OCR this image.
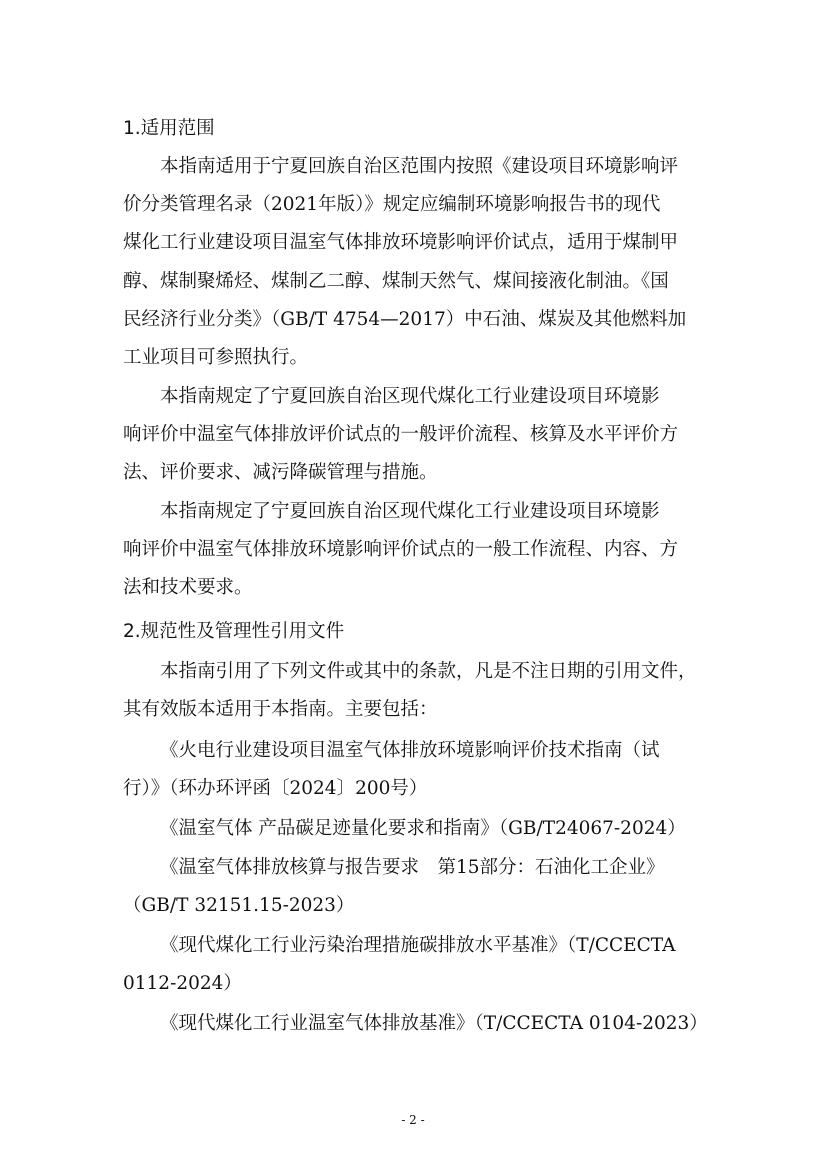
1.适用范围
本指南适用于宁夏回族自治区范围内按照《建设项目环境影响评
价分类管理名录（2021年版）》规定应编制环境影响报告书的现代
煤化工行业建设项目温室气体排放环境影响评价试点，适用于煤制甲
醇、煤制聚烯烃、煤制乙二醇、煤制天然气、煤间接液化制油。《国
民经济行业分类》（GB/T 4754—2017）中石油、煤炭及其他燃料加
工业项目可参照执行。
本指南规定了宁夏回族自治区现代煤化工行业建设项目环境影
响评价中温室气体排放评价试点的一般评价流程、核算及水平评价方
法、评价要求、减污降碳管理与措施。
本指南规定了宁夏回族自治区现代煤化工行业建设项目环境影
响评价中温室气体排放环境影响评价试点的一般工作流程、内容、方
法和技术要求。
2.规范性及管理性引用文件
本指南引用了下列文件或其中的条款，凡是不注日期的引用文件，
其有效版本适用于本指南。主要包括：
《火电行业建设项目温室气体排放环境影响评价技术指南（试
行）》（环办环评函〔2024〕200号）
《温室气体 产品碳足迹量化要求和指南》（GB/T24067-2024）
《温室气体排放核算与报告要求　第15部分：石油化工企业》
（GB/T 32151.15-2023）
《现代煤化工行业污染治理措施碳排放水平基准》（T/CCECTA
0112-2024）
《现代煤化工行业温室气体排放基准》（T/CCECTA 0104-2023）
- 2 -
